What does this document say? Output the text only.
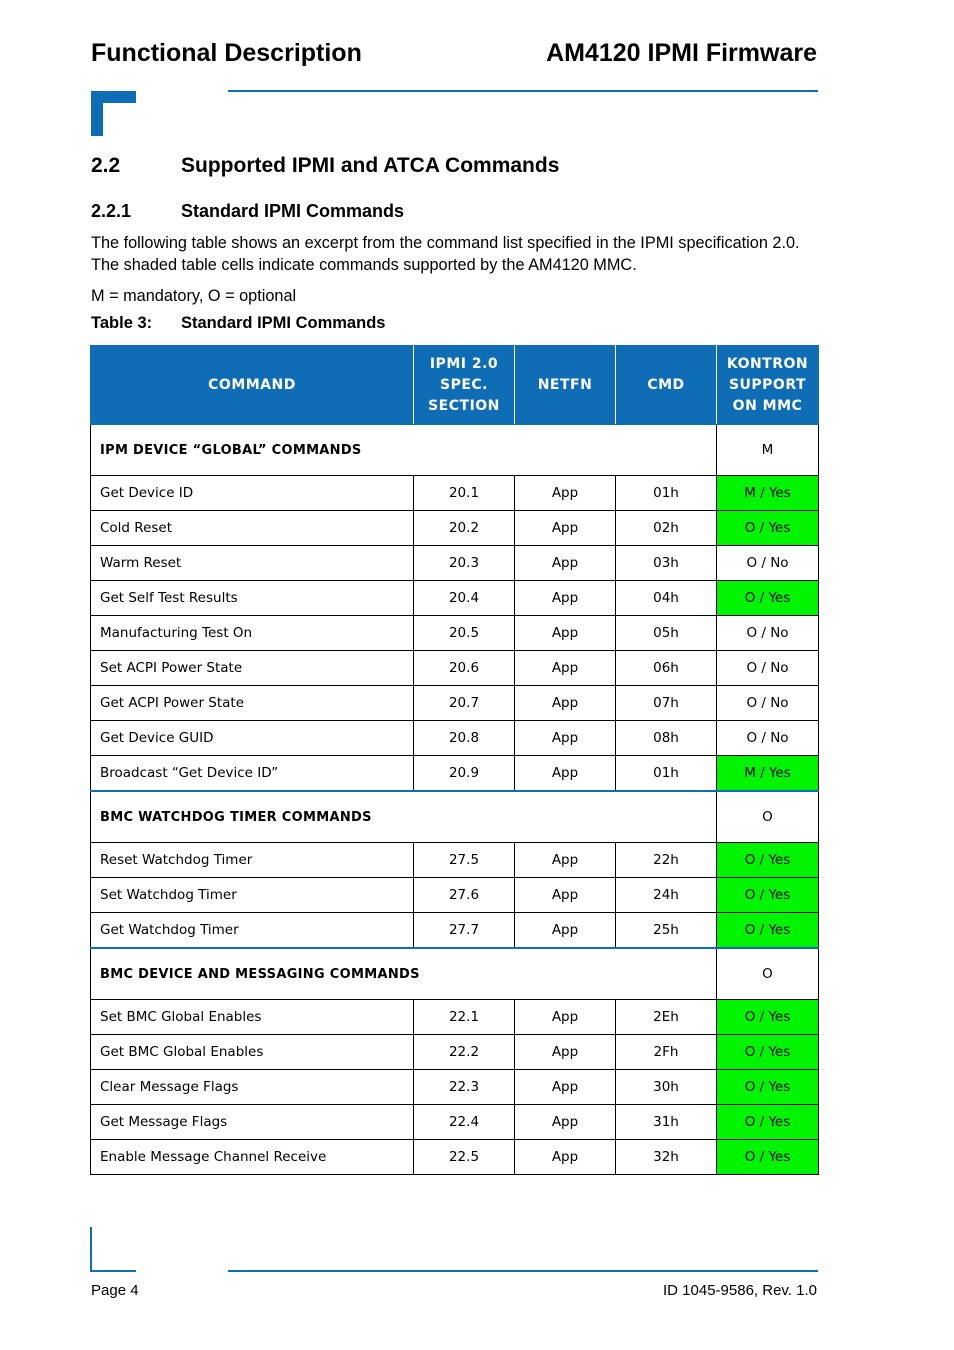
Functional Description	AM4120 IPMI Firmware
2.2	Supported IPMI and ATCA Commands
2.2.1	Standard IPMI Commands
The following table shows an excerpt from the command list specified in the IPMI specification 2.0. The shaded table cells indicate commands supported by the AM4120 MMC.
M = mandatory, O = optional
Table 3: Standard IPMI Commands
COMMAND	IPMI 2.0 SPEC. SECTION	NETFN	CMD	KONTRON SUPPORT ON MMC
IPM DEVICE “GLOBAL” COMMANDS				M
Get Device ID	20.1	App	01h	M / Yes
Cold Reset	20.2	App	02h	O / Yes
Warm Reset	20.3	App	03h	O / No
Get Self Test Results	20.4	App	04h	O / Yes
Manufacturing Test On	20.5	App	05h	O / No
Set ACPI Power State	20.6	App	06h	O / No
Get ACPI Power State	20.7	App	07h	O / No
Get Device GUID	20.8	App	08h	O / No
Broadcast “Get Device ID”	20.9	App	01h	M / Yes
BMC WATCHDOG TIMER COMMANDS				O
Reset Watchdog Timer	27.5	App	22h	O / Yes
Set Watchdog Timer	27.6	App	24h	O / Yes
Get Watchdog Timer	27.7	App	25h	O / Yes
BMC DEVICE AND MESSAGING COMMANDS				O
Set BMC Global Enables	22.1	App	2Eh	O / Yes
Get BMC Global Enables	22.2	App	2Fh	O / Yes
Clear Message Flags	22.3	App	30h	O / Yes
Get Message Flags	22.4	App	31h	O / Yes
Enable Message Channel Receive	22.5	App	32h	O / Yes
Page 4	ID 1045-9586, Rev. 1.0
